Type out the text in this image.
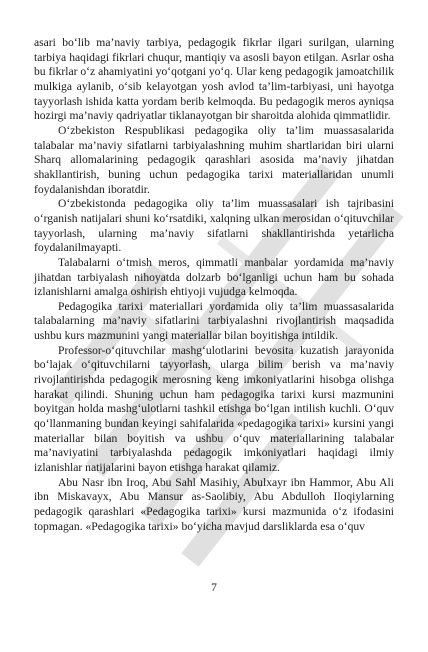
asari bo‘lib ma’naviy tarbiya, pedagogik fikrlar ilgari surilgan, ularning tarbiya haqidagi fikrlari chuqur, mantiqiy va asosli bayon etilgan. Asrlar osha bu fikrlar o‘z ahamiyatini yo‘qotgani yo‘q. Ular keng pedagogik jamoatchilik mulkiga aylanib, o‘sib kelayotgan yosh avlod ta’lim-tarbiyasi, uni hayotga tayyorlash ishida katta yordam berib kelmoqda. Bu pedagogik meros ayniqsa hozirgi ma’naviy qadriyatlar tiklanayotgan bir sharoitda alohida qimmatlidir.

O‘zbekiston Respublikasi pedagogika oliy ta’lim muassasalarida talabalar ma’naviy sifatlarni tarbiyalashning muhim shartlaridan biri ularni Sharq allomalarining pedagogik qarashlari asosida ma’naviy jihatdan shakllantirish, buning uchun pedagogika tarixi materiallaridan unumli foydalanishdan iboratdir.

O‘zbekistonda pedagogika oliy ta’lim muassasalari ish tajribasini o‘rganish natijalari shuni ko‘rsatdiki, xalqning ulkan merosidan o‘qituvchilar tayyorlash, ularning ma’naviy sifatlarni shakllantirishda yetarlicha foydalanilmayapti.

Talabalarni o‘tmish meros, qimmatli manbalar yordamida ma’naviy jihatdan tarbiyalash nihoyatda dolzarb bo‘lganligi uchun ham bu sohada izlanishlarni amalga oshirish ehtiyoji vujudga kelmoqda.

Pedagogika tarixi materiallari yordamida oliy ta’lim muassasalarida talabalarning ma’naviy sifatlarini tarbiyalashni rivojlantirish maqsadida ushbu kurs mazmunini yangi materiallar bilan boyitishga intildik.

Professor-o‘qituvchilar mashg‘ulotlarini bevosita kuzatish jarayonida bo‘lajak o‘qituvchilarni tayyorlash, ularga bilim berish va ma’naviy rivojlantirishda pedagogik merosning keng imkoniyatlarini hisobga olishga harakat qilindi. Shuning uchun ham pedagogika tarixi kursi mazmunini boyitgan holda mashg‘ulotlarni tashkil etishga bo‘lgan intilish kuchli. O‘quv qo‘llanmaning bundan keyingi sahifalarida «pedagogika tarixi» kursini yangi materiallar bilan boyitish va ushbu o‘quv materiallarining talabalar ma’naviyatini tarbiyalashda pedagogik imkoniyatlari haqidagi ilmiy izlanishlar natijalarini bayon etishga harakat qilamiz.

Abu Nasr ibn Iroq, Abu Sahl Masihiy, Abulxayr ibn Hammor, Abu Ali ibn Miskavayx, Abu Mansur as-Saolibiy, Abu Abdulloh Iloqiylarning pedagogik qarashlari «Pedagogika tarixi» kursi mazmunida o‘z ifodasini topmagan. «Pedagogika tarixi» bo‘yicha mavjud darsliklarda esa o‘quv

7
